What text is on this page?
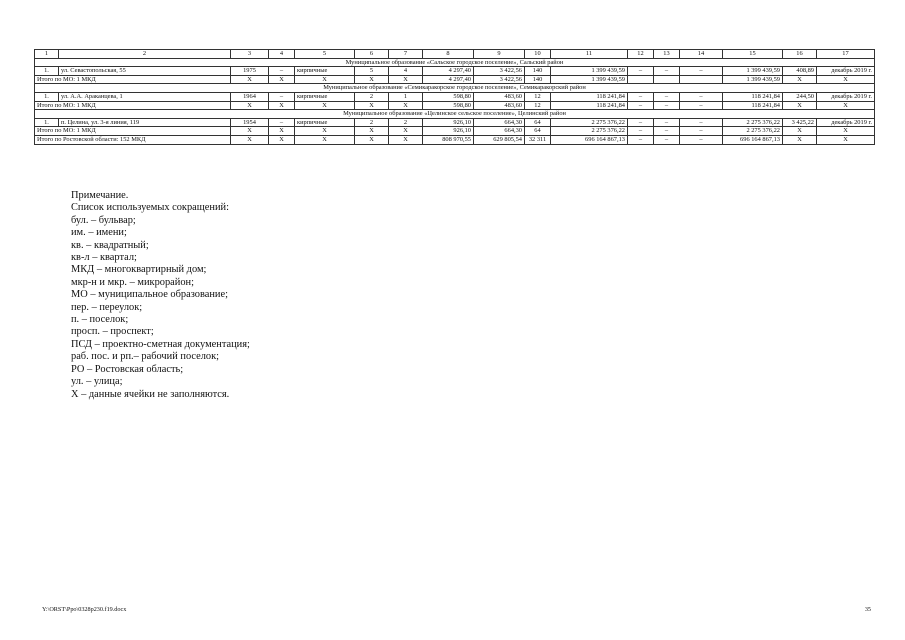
1	2	3	4	5	6	7	8	9	10	11	12	13	14	15	16	17
Муниципальное образование «Сальское городское поселение», Сальский район																
1.	ул. Севастопольская, 55	1975	–	кирпичные	5	4	4 297,40	3 422,56	140	1 399 439,59	–	–	–	1 399 439,59	408,89	декабрь 2019 г.
Итого по МО: 1 МКД		X	X	X	X	X	4 297,40	3 422,56	140	1 399 439,59				1 399 439,59	X	X
Муниципальное образование «Семикаракорское городское поселение», Семикаракорский район																
1.	ул. А.А. Араканцева, 1	1964	–	кирпичные	2	1	598,80	483,60	12	118 241,84	–	–	–	118 241,84	244,50	декабрь 2019 г.
Итого по МО: 1 МКД		X	X	X	X	X	598,80	483,60	12	118 241,84	–	–	–	118 241,84	X	X
Муниципальное образование «Целинское сельское поселение», Целинский район																
1.	п. Целина, ул. 3-я линия, 119	1954	–	кирпичные	2	2	926,10	664,30	64	2 275 376,22	–	–	–	2 275 376,22	3 425,22	декабрь 2019 г.
Итого по МО: 1 МКД		X	X	X	X	X	926,10	664,30	64	2 275 376,22	–	–	–	2 275 376,22	X	X
Итого по Ростовской области: 152 МКД		X	X	X	X	X	808 970,55	629 805,54	32 311	696 164 867,13	–	–	–	696 164 867,13	X	X
Примечание.
Список используемых сокращений:
бул. – бульвар;
им. – имени;
кв. – квадратный;
кв-л – квартал;
МКД – многоквартирный дом;
мкр-н и мкр. – микрорайон;
МО – муниципальное образование;
пер. – переулок;
п. – поселок;
просп. – проспект;
ПСД – проектно-сметная документация;
раб. пос. и рп.– рабочий поселок;
РО – Ростовская область;
ул. – улица;
X – данные ячейки не заполняются.
Y:\ORST\Ppo\0328p230.f19.docx	35
